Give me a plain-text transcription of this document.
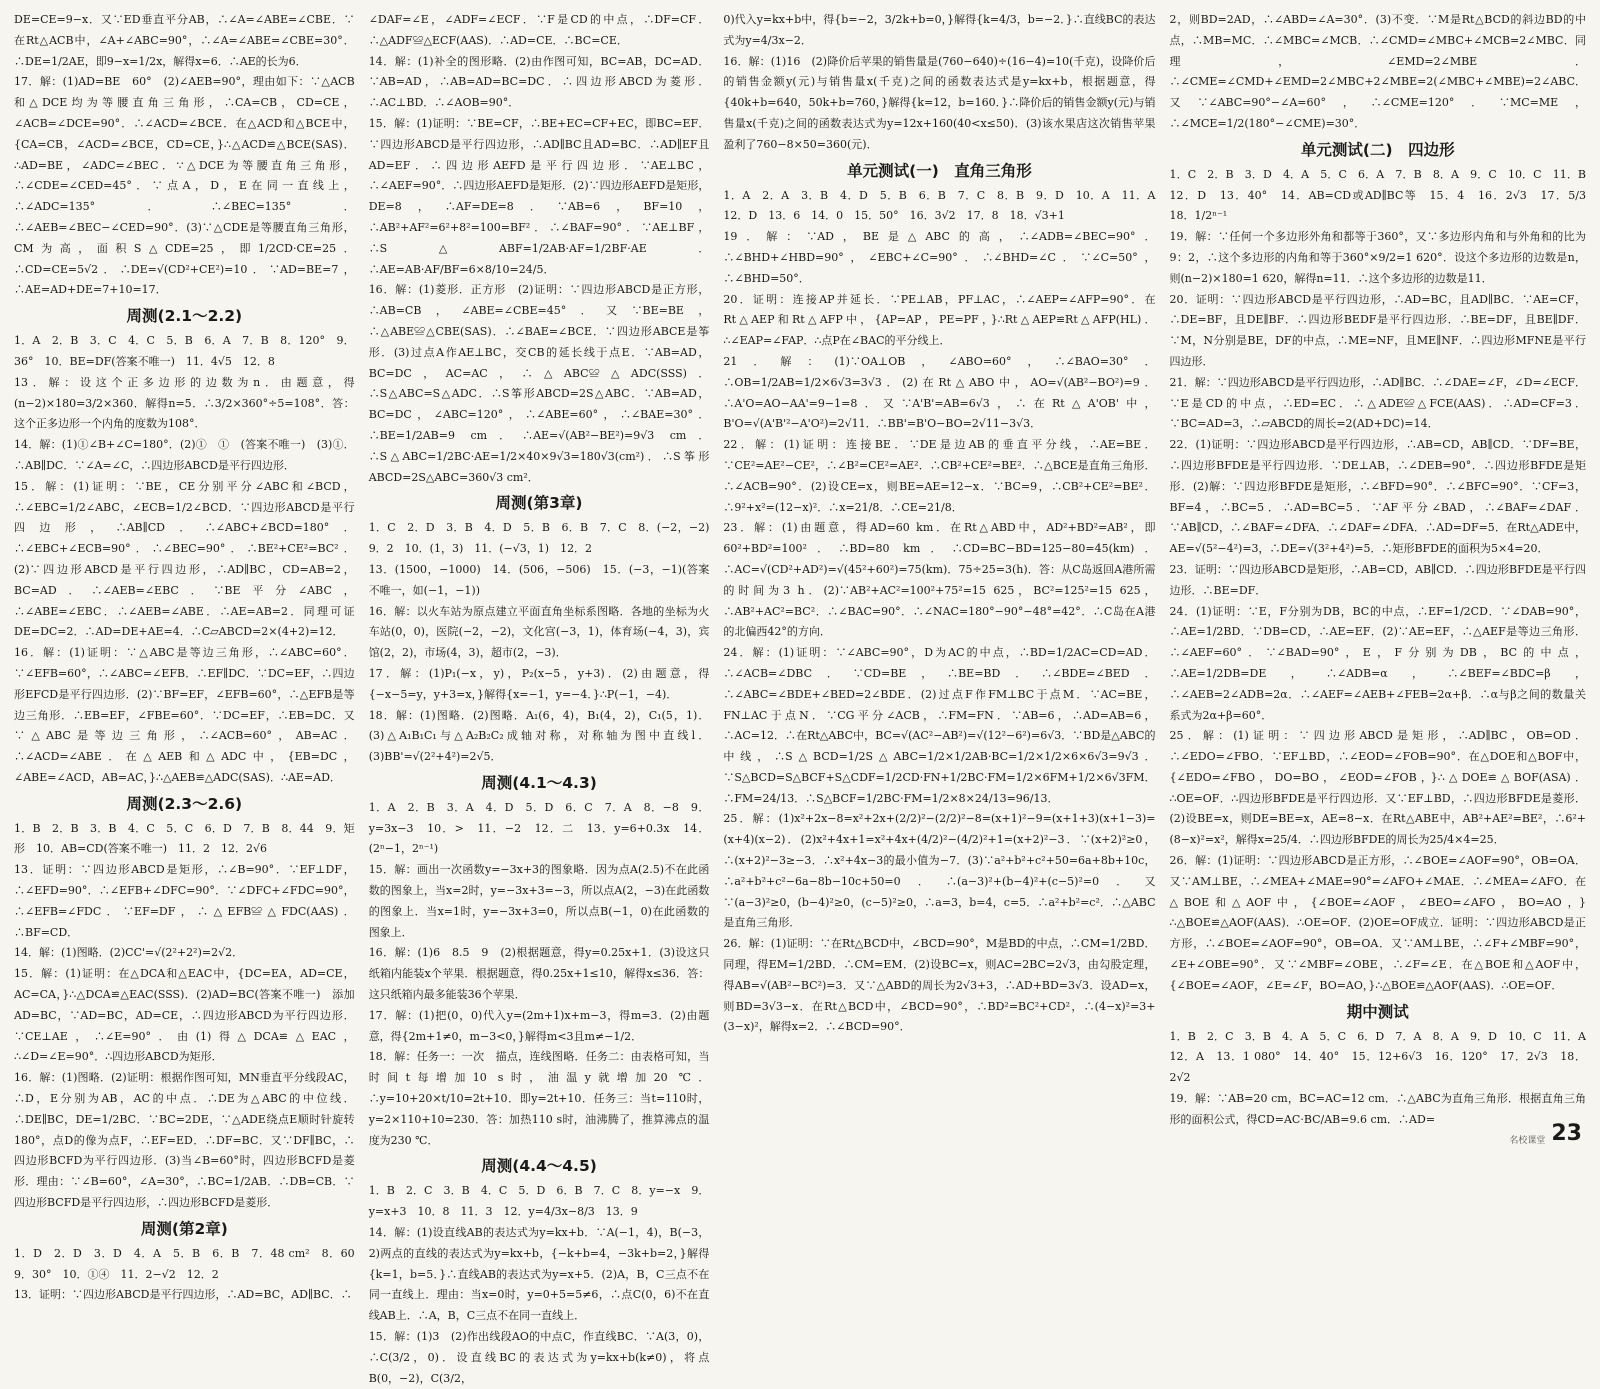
DE=CE=9−x．又∵ED垂直平分AB，∴∠A=∠ABE=∠CBE．∵在Rt△ACB中，∠A+∠ABC=90°，∴∠A=∠ABE=∠CBE=30°．∴DE=1/2AE，即9−x=1/2x，解得x=6．∴AE的长为6．

17．解：(1)AD=BE　60°　(2)∠AEB=90°，理由如下：∵△ACB和△DCE均为等腰直角三角形，∴CA=CB，CD=CE，∠ACB=∠DCE=90°．∴∠ACD=∠BCE．在△ACD和△BCE中，{CA=CB，∠ACD=∠BCE，CD=CE，}∴△ACD≌△BCE(SAS)．∴AD=BE，∠ADC=∠BEC．∵△DCE为等腰直角三角形，∴∠CDE=∠CED=45°．∵点A，D，E在同一直线上，∴∠ADC=135°．∴∠BEC=135°．∴∠AEB=∠BEC−∠CED=90°．(3)∵△CDE是等腰直角三角形，CM为高，面积S△CDE=25，即1/2CD·CE=25．∴CD=CE=5√2．∴DE=√(CD²+CE²)=10．∵AD=BE=7，∴AE=AD+DE=7+10=17．

周测(2.1～2.2)

1．A　2．B　3．C　4．C　5．B　6．A　7．B　8．120°　9．36°　10．BE=DF(答案不唯一)　11．4√5　12．8

13．解：设这个正多边形的边数为n．由题意，得(n−2)×180=3/2×360．解得n=5．∴3/2×360°÷5=108°．答：这个正多边形一个内角的度数为108°．

14．解：(1)①∠B+∠C=180°．(2)①　①　(答案不唯一)　(3)①．∴AB∥DC．∵∠A=∠C，∴四边形ABCD是平行四边形．

15．解：(1)证明：∵BE，CE分别平分∠ABC和∠BCD，∴∠EBC=1/2∠ABC，∠ECB=1/2∠BCD．∵四边形ABCD是平行四边形，∴AB∥CD．∴∠ABC+∠BCD=180°．∴∠EBC+∠ECB=90°．∴∠BEC=90°．∴BE²+CE²=BC²．(2)∵四边形ABCD是平行四边形，∴AD∥BC，CD=AB=2，BC=AD．∴∠AEB=∠EBC．∵BE平分∠ABC，∴∠ABE=∠EBC．∴∠AEB=∠ABE．∴AE=AB=2．同理可证DE=DC=2．∴AD=DE+AE=4．∴C▱ABCD=2×(4+2)=12．

16．解：(1)证明：∵△ABC是等边三角形，∴∠ABC=60°．∵∠EFB=60°，∴∠ABC=∠EFB．∴EF∥DC．∵DC=EF，∴四边形EFCD是平行四边形．(2)∵BF=EF，∠EFB=60°，∴△EFB是等边三角形．∴EB=EF，∠FBE=60°．∵DC=EF，∴EB=DC．又∵△ABC是等边三角形，∴∠ACB=60°，AB=AC．∴∠ACD=∠ABE．在△AEB和△ADC中，{EB=DC，∠ABE=∠ACD，AB=AC，}∴△AEB≌△ADC(SAS)．∴AE=AD．

周测(2.3～2.6)

1．B　2．B　3．B　4．C　5．C　6．D　7．B　8．44　9．矩形　10．AB=CD(答案不唯一)　11．2　12．2√6

13．证明：∵四边形ABCD是矩形，∴∠B=90°．∵EF⊥DF，∴∠EFD=90°．∴∠EFB+∠DFC=90°．∵∠DFC+∠FDC=90°，∴∠EFB=∠FDC．∵EF=DF，∴△EFB≌△FDC(AAS)．∴BF=CD．

14．解：(1)图略．(2)CC'=√(2²+2²)=2√2．

15．解：(1)证明：在△DCA和△EAC中，{DC=EA，AD=CE，AC=CA，}∴△DCA≌△EAC(SSS)．(2)AD=BC(答案不唯一)　添加AD=BC，∵AD=BC，AD=CE，∴四边形ABCD为平行四边形．∵CE⊥AE，∴∠E=90°．由(1)得△DCA≌△EAC，∴∠D=∠E=90°．∴四边形ABCD为矩形．

16．解：(1)图略．(2)证明：根据作图可知，MN垂直平分线段AC，∴D，E分别为AB，AC的中点．∴DE为△ABC的中位线．∴DE∥BC，DE=1/2BC．∵BC=2DE，∵△ADE绕点E顺时针旋转180°，点D的像为点F，∴EF=ED．∴DF=BC．又∵DF∥BC，∴四边形BCFD为平行四边形．(3)当∠B=60°时，四边形BCFD是菱形．理由：∵∠B=60°，∠A=30°，∴BC=1/2AB．∴DB=CB．∵四边形BCFD是平行四边形，∴四边形BCFD是菱形．

周测(第2章)

1．D　2．D　3．D　4．A　5．B　6．B　7．48 cm²　8．60　9．30°　10．①④　11．2−√2　12．2

13．证明：∵四边形ABCD是平行四边形，∴AD=BC，AD∥BC．∴

∠DAF=∠E，∠ADF=∠ECF．∵F是CD的中点，∴DF=CF．∴△ADF≌△ECF(AAS)．∴AD=CE．∴BC=CE．

14．解：(1)补全的图形略．(2)由作图可知，BC=AB，DC=AD．∵AB=AD，∴AB=AD=BC=DC．∴四边形ABCD为菱形．∴AC⊥BD．∴∠AOB=90°．

15．解：(1)证明：∵BE=CF，∴BE+EC=CF+EC，即BC=EF．∵四边形ABCD是平行四边形，∴AD∥BC且AD=BC．∴AD∥EF且AD=EF．∴四边形AEFD是平行四边形．∵AE⊥BC，∴∠AEF=90°．∴四边形AEFD是矩形．(2)∵四边形AEFD是矩形，DE=8，∴AF=DE=8．∵AB=6，BF=10，∴AB²+AF²=6²+8²=100=BF²．∴∠BAF=90°．∵AE⊥BF，∴S△ABF=1/2AB·AF=1/2BF·AE．∴AE=AB·AF/BF=6×8/10=24/5．

16．解：(1)菱形．正方形　(2)证明：∵四边形ABCD是正方形，∴AB=CB，∠ABE=∠CBE=45°．又∵BE=BE，∴△ABE≌△CBE(SAS)．∴∠BAE=∠BCE．∵四边形ABCE是筝形．(3)过点A作AE⊥BC，交CB的延长线于点E．∵AB=AD，BC=DC，AC=AC，∴△ABC≌△ADC(SSS)．∴S△ABC=S△ADC．∴S筝形ABCD=2S△ABC．∵AB=AD，BC=DC，∠ABC=120°，∴∠ABE=60°，∴∠BAE=30°．∴BE=1/2AB=9 cm．∴AE=√(AB²−BE²)=9√3 cm．∴S△ABC=1/2BC·AE=1/2×40×9√3=180√3(cm²)．∴S筝形ABCD=2S△ABC=360√3 cm²．

周测(第3章)

1．C　2．D　3．B　4．D　5．B　6．B　7．C　8．(−2，−2)　9．2　10．(1，3)　11．(−√3，1)　12．2

13．(1500，−1000)　14．(506，−506)　15．(−3，−1)(答案不唯一，如(−1，−1))

16．解：以火车站为原点建立平面直角坐标系图略．各地的坐标为火车站(0，0)，医院(−2，−2)，文化宫(−3，1)，体育场(−4，3)，宾馆(2，2)，市场(4，3)，超市(2，−3)．

17．解：(1)P₁(−x，y)，P₂(x−5，y+3)．(2)由题意，得{−x−5=y，y+3=x，}解得{x=−1，y=−4．}∴P(−1，−4)．

18．解：(1)图略．(2)图略．A₁(6，4)，B₁(4，2)，C₁(5，1)．(3)△A₁B₁C₁与△A₂B₂C₂成轴对称，对称轴为图中直线l．(3)BB'=√(2²+4²)=2√5．

周测(4.1～4.3)

1．A　2．B　3．A　4．D　5．D　6．C　7．A　8．−8　9．y=3x−3　10．>　11．−2　12．二　13．y=6+0.3x　14．(2ⁿ−1，2ⁿ⁻¹)

15．解：画出一次函数y=−3x+3的图象略．因为点A(2.5)不在此函数的图象上，当x=2时，y=−3x+3=−3，所以点A(2，−3)在此函数的图象上．当x=1时，y=−3x+3=0，所以点B(−1，0)在此函数的图象上．

16．解：(1)6　8.5　9　(2)根据题意，得y=0.25x+1．(3)设这只纸箱内能装x个苹果．根据题意，得0.25x+1≤10，解得x≤36．答：这只纸箱内最多能装36个苹果．

17．解：(1)把(0，0)代入y=(2m+1)x+m−3，得m=3．(2)由题意，得{2m+1≠0，m−3<0，}解得m<3且m≠−1/2．

18．解：任务一：一次　描点，连线图略．任务二：由表格可知，当时间t每增加10 s时，油温y就增加20 ℃．∴y=10+20×t/10=2t+10．即y=2t+10．任务三：当t=110时，y=2×110+10=230．答：加热110 s时，油沸腾了，推算沸点的温度为230 ℃．

周测(4.4～4.5)

1．B　2．C　3．B　4．C　5．D　6．B　7．C　8．y=−x　9．y=x+3　10．8　11．3　12．y=4/3x−8/3　13．9

14．解：(1)设直线AB的表达式为y=kx+b．∵A(−1，4)，B(−3，2)两点的直线的表达式为y=kx+b，{−k+b=4，−3k+b=2，}解得{k=1，b=5．}∴直线AB的表达式为y=x+5．(2)A，B，C三点不在同一直线上．理由：当x=0时，y=0+5=5≠6，∴点C(0，6)不在直线AB上．∴A，B，C三点不在同一直线上．

15．解：(1)3　(2)作出线段AO的中点C，作直线BC．∵A(3，0)，∴C(3/2，0)．设直线BC的表达式为y=kx+b(k≠0)，将点B(0，−2)，C(3/2，

0)代入y=kx+b中，得{b=−2，3/2k+b=0，}解得{k=4/3，b=−2．}∴直线BC的表达式为y=4/3x−2．

16．解：(1)16　(2)降价后苹果的销售量是(760−640)÷(16−4)=10(千克)，设降价后的销售金额y(元)与销售量x(千克)之间的函数表达式是y=kx+b，根据题意，得{40k+b=640，50k+b=760，}解得{k=12，b=160．}∴降价后的销售金额y(元)与销售量x(千克)之间的函数表达式为y=12x+160(40<x≤50)．(3)该水果店这次销售苹果盈利了760−8×50=360(元)．

单元测试(一)　直角三角形

1．A　2．A　3．B　4．D　5．B　6．B　7．C　8．B　9．D　10．A　11．A　12．D　13．6　14．0　15．50°　16．3√2　17．8　18．√3+1

19．解：∵AD，BE是△ABC的高，∴∠ADB=∠BEC=90°．∴∠BHD+∠HBD=90°，∠EBC+∠C=90°．∴∠BHD=∠C．∵∠C=50°，∴∠BHD=50°．

20．证明：连接AP并延长．∵PE⊥AB，PF⊥AC，∴∠AEP=∠AFP=90°．在Rt△AEP和Rt△AFP中，{AP=AP，PE=PF，}∴Rt△AEP≌Rt△AFP(HL)．∴∠EAP=∠FAP．∴点P在∠BAC的平分线上．

21．解：(1)∵OA⊥OB，∠ABO=60°，∴∠BAO=30°．∴OB=1/2AB=1/2×6√3=3√3．(2)在Rt△ABO中，AO=√(AB²−BO²)=9．∴A'O=AO−AA'=9−1=8．又∵A'B'=AB=6√3，∴在Rt△A'OB'中，B'O=√(A'B'²−A'O²)=2√11．∴BB'=B'O−BO=2√11−3√3．

22．解：(1)证明：连接BE．∵DE是边AB的垂直平分线，∴AE=BE．∵CE²=AE²−CE²，∴∠B²=CE²=AE²．∴CB²+CE²=BE²．∴△BCE是直角三角形．∴∠ACB=90°．(2)设CE=x，则BE=AE=12−x．∵BC=9，∴CB²+CE²=BE²．∴9²+x²=(12−x)²．∴x=21/8．∴CE=21/8．

23．解：(1)由题意，得AD=60 km．在Rt△ABD中，AD²+BD²=AB²，即60²+BD²=100²．∴BD=80 km．∴CD=BC−BD=125−80=45(km)．∴AC=√(CD²+AD²)=√(45²+60²)=75(km)．75÷25=3(h)．答：从C岛返回A港所需的时间为3 h．(2)∵AB²+AC²=100²+75²=15 625，BC²=125²=15 625，∴AB²+AC²=BC²．∴∠BAC=90°．∴∠NAC=180°−90°−48°=42°．∴C岛在A港的北偏西42°的方向．

24．解：(1)证明：∵∠ABC=90°，D为AC的中点，∴BD=1/2AC=CD=AD．∴∠ACB=∠DBC．∵CD=BE，∴BE=BD．∴∠BDE=∠BED．∴∠ABC=∠BDE+∠BED=2∠BDE．(2)过点F作FM⊥BC于点M．∵AC=BE，FN⊥AC于点N．∵CG平分∠ACB，∴FM=FN．∵AB=6，∴AD=AB=6，∴AC=12．∴在Rt△ABC中，BC=√(AC²−AB²)=√(12²−6²)=6√3．∵BD是△ABC的中线，∴S△BCD=1/2S△ABC=1/2×1/2AB·BC=1/2×1/2×6×6√3=9√3．∵S△BCD=S△BCF+S△CDF=1/2CD·FN+1/2BC·FM=1/2×6FM+1/2×6√3FM．∴FM=24/13．∴S△BCF=1/2BC·FM=1/2×8×24/13=96/13．

25．解：(1)x²+2x−8=x²+2x+(2/2)²−(2/2)²−8=(x+1)²−9=(x+1+3)(x+1−3)=(x+4)(x−2)．(2)x²+4x+1=x²+4x+(4/2)²−(4/2)²+1=(x+2)²−3．∵(x+2)²≥0，∴(x+2)²−3≥−3．∴x²+4x−3的最小值为−7．(3)∵a²+b²+c²+50=6a+8b+10c，∴a²+b²+c²−6a−8b−10c+50=0．∴(a−3)²+(b−4)²+(c−5)²=0．又∵(a−3)²≥0，(b−4)²≥0，(c−5)²≥0，∴a=3，b=4，c=5．∴a²+b²=c²．∴△ABC是直角三角形．

26．解：(1)证明：∵在Rt△BCD中，∠BCD=90°，M是BD的中点，∴CM=1/2BD．同理，得EM=1/2BD．∴CM=EM．(2)设BC=x，则AC=2BC=2√3，由勾股定理，得AB=√(AB²−BC²)=3．又∵△ABD的周长为2√3+3，∴AD+BD=3√3．设AD=x，则BD=3√3−x．在Rt△BCD中，∠BCD=90°，∴BD²=BC²+CD²，∴(4−x)²=3+(3−x)²，解得x=2．∴∠BCD=90°．

2，则BD=2AD，∴∠ABD=∠A=30°．(3)不变．∵M是Rt△BCD的斜边BD的中点，∴MB=MC．∴∠MBC=∠MCB．∴∠CMD=∠MBC+∠MCB=2∠MBC．同理，∠EMD=2∠MBE．∴∠CME=∠CMD+∠EMD=2∠MBC+2∠MBE=2(∠MBC+∠MBE)=2∠ABC．又∵∠ABC=90°−∠A=60°，∴∠CME=120°．∵MC=ME，∴∠MCE=1/2(180°−∠CME)=30°．

单元测试(二)　四边形

1．C　2．B　3．D　4．A　5．C　6．A　7．B　8．A　9．C　10．C　11．B　12．D　13．40°　14．AB=CD或AD∥BC等　15．4　16．2√3　17．5/3　18．1/2ⁿ⁻¹

19．解：∵任何一个多边形外角和都等于360°，又∵多边形内角和与外角和的比为9：2，∴这个多边形的内角和等于360°×9/2=1 620°．设这个多边形的边数是n，则(n−2)×180=1 620，解得n=11．∴这个多边形的边数是11．

20．证明：∵四边形ABCD是平行四边形，∴AD=BC，且AD∥BC．∵AE=CF，∴DE=BF，且DE∥BF．∴四边形BEDF是平行四边形．∴BE=DF，且BE∥DF．∵M，N分别是BE，DF的中点，∴ME=NF，且ME∥NF．∴四边形MFNE是平行四边形．

21．解：∵四边形ABCD是平行四边形，∴AD∥BC．∴∠DAE=∠F，∠D=∠ECF．∵E是CD的中点，∴ED=EC．∴△ADE≌△FCE(AAS)．∴AD=CF=3．∵BC=AD=3，∴▱ABCD的周长=2(AD+DC)=14．

22．(1)证明：∵四边形ABCD是平行四边形，∴AB=CD，AB∥CD．∵DF=BE，∴四边形BFDE是平行四边形．∵DE⊥AB，∴∠DEB=90°．∴四边形BFDE是矩形．(2)解：∵四边形BFDE是矩形，∴∠BFD=90°．∴∠BFC=90°．∵CF=3，BF=4，∴BC=5．∴AD=BC=5．∵AF平分∠BAD，∴∠BAF=∠DAF．∵AB∥CD，∴∠BAF=∠DFA．∴∠DAF=∠DFA．∴AD=DF=5．在Rt△ADE中，AE=√(5²−4²)=3，∴DE=√(3²+4²)=5．∴矩形BFDE的面积为5×4=20．

23．证明：∵四边形ABCD是矩形，∴AB=CD，AB∥CD．∴四边形BFDE是平行四边形．∴BE=DF．

24．(1)证明：∵E，F分别为DB，BC的中点，∴EF=1/2CD．∵∠DAB=90°，∴AE=1/2BD．∵DB=CD，∴AE=EF．(2)∵AE=EF，∴△AEF是等边三角形．∴∠AEF=60°．∵∠BAD=90°，E，F分别为DB，BC的中点，∴AE=1/2DB=DE，∴∠ADB=α，∴∠BEF=∠BDC=β，∴∠AEB=2∠ADB=2α．∴∠AEF=∠AEB+∠FEB=2α+β．∴α与β之间的数量关系式为2α+β=60°．

25．解：(1)证明：∵四边形ABCD是矩形，∴AD∥BC，OB=OD．∴∠EDO=∠FBO．∵EF⊥BD，∴∠EOD=∠FOB=90°．在△DOE和△BOF中，{∠EDO=∠FBO，DO=BO，∠EOD=∠FOB，}∴△DOE≌△BOF(ASA)．∴OE=OF．∴四边形BFDE是平行四边形．又∵EF⊥BD，∴四边形BFDE是菱形．(2)设BE=x，则DE=BE=x，AE=8−x．在Rt△ABE中，AB²+AE²=BE²，∴6²+(8−x)²=x²，解得x=25/4．∴四边形BFDE的周长为25/4×4=25．

26．解：(1)证明：∵四边形ABCD是正方形，∴∠BOE=∠AOF=90°，OB=OA．又∵AM⊥BE，∴∠MEA+∠MAE=90°=∠AFO+∠MAE．∴∠MEA=∠AFO．在△BOE和△AOF中，{∠BOE=∠AOF，∠BEO=∠AFO，BO=AO，}∴△BOE≌△AOF(AAS)．∴OE=OF．(2)OE=OF成立．证明：∵四边形ABCD是正方形，∴∠BOE=∠AOF=90°，OB=OA．又∵AM⊥BE，∴∠F+∠MBF=90°，∠E+∠OBE=90°．又∵∠MBF=∠OBE，∴∠F=∠E．在△BOE和△AOF中，{∠BOE=∠AOF，∠E=∠F，BO=AO，}∴△BOE≌△AOF(AAS)．∴OE=OF．

期中测试

1．B　2．C　3．B　4．A　5．C　6．D　7．A　8．A　9．D　10．C　11．A　12．A　13．1 080°　14．40°　15．12+6√3　16．120°　17．2√3　18．2√2

19．解：∵AB=20 cm，BC=AC=12 cm．∴△ABC为直角三角形．根据直角三角形的面积公式，得CD=AC·BC/AB=9.6 cm．∴AD=

名校课堂 23
